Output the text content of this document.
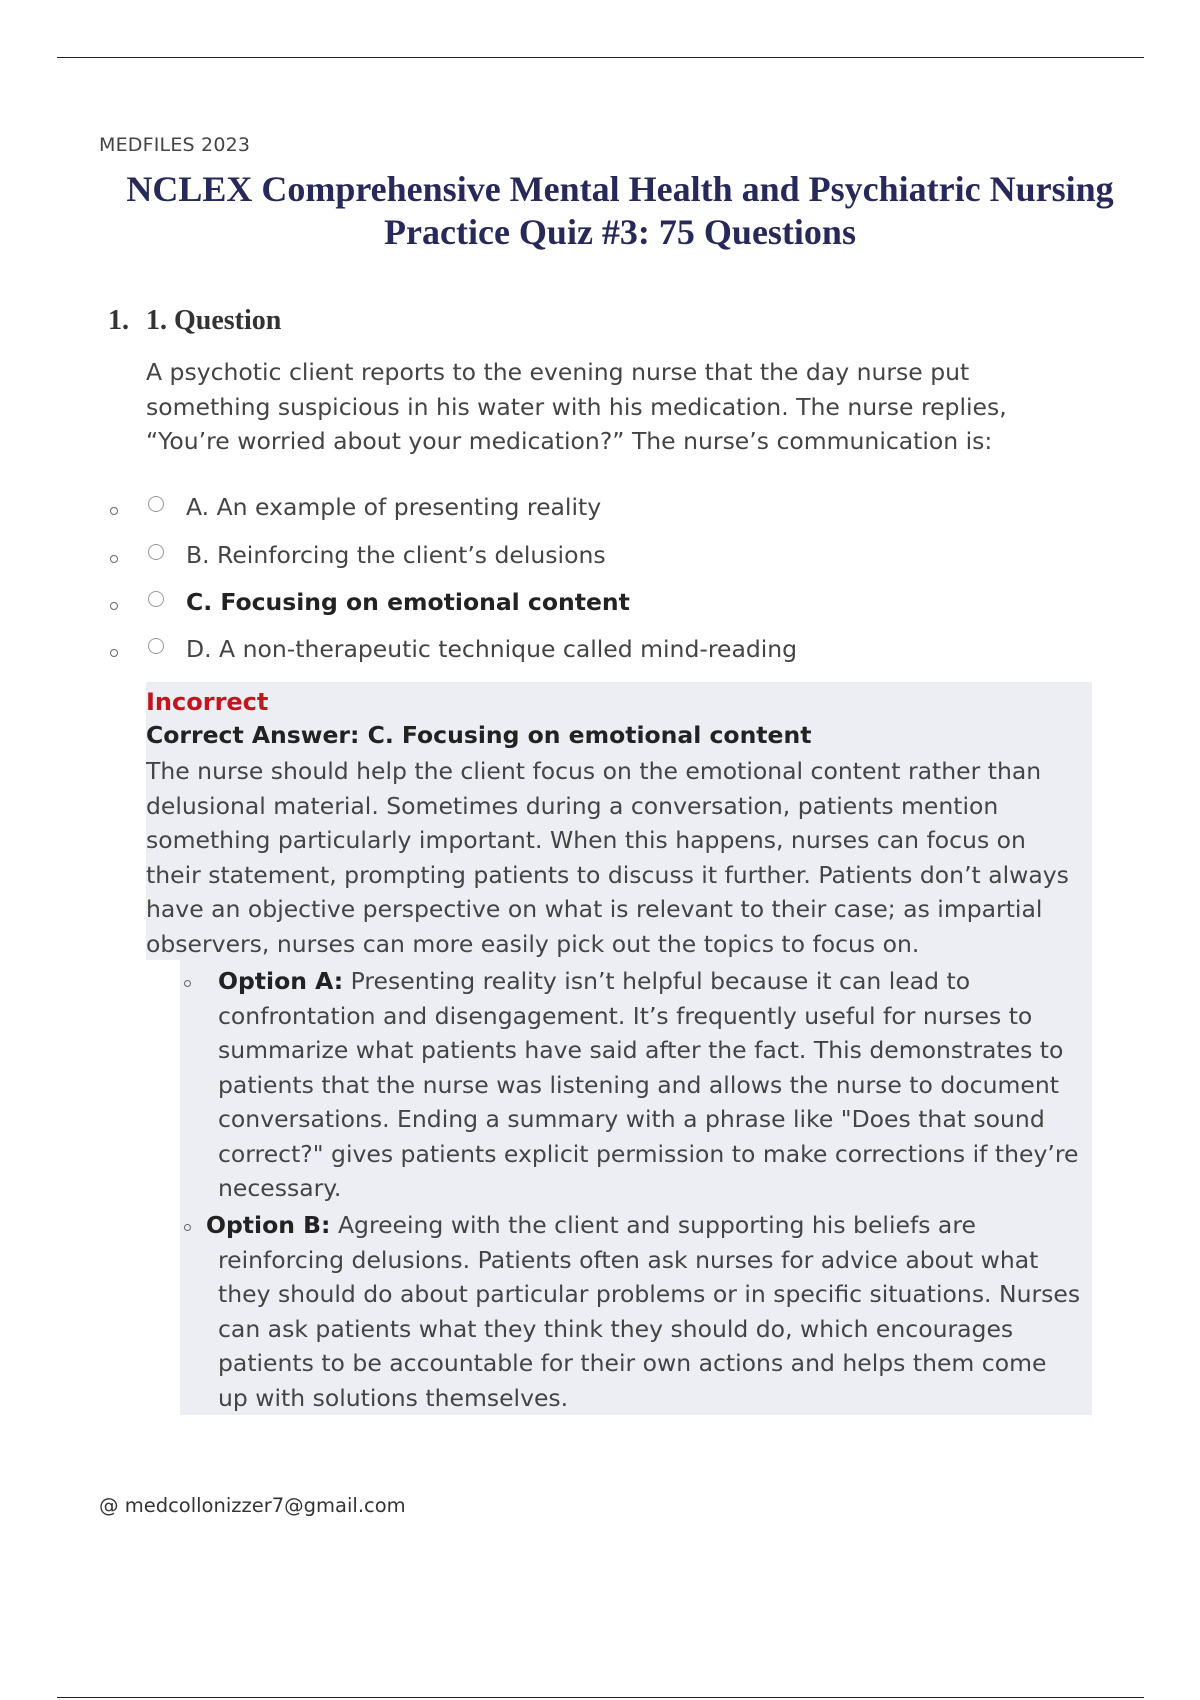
MEDFILES 2023
NCLEX Comprehensive Mental Health and Psychiatric Nursing Practice Quiz #3: 75 Questions
1. 1. Question
A psychotic client reports to the evening nurse that the day nurse put something suspicious in his water with his medication. The nurse replies, “You’re worried about your medication?” The nurse’s communication is:
A. An example of presenting reality
B. Reinforcing the client’s delusions
C. Focusing on emotional content
D. A non-therapeutic technique called mind-reading
Incorrect
Correct Answer: C. Focusing on emotional content
The nurse should help the client focus on the emotional content rather than delusional material. Sometimes during a conversation, patients mention something particularly important. When this happens, nurses can focus on their statement, prompting patients to discuss it further. Patients don’t always have an objective perspective on what is relevant to their case; as impartial observers, nurses can more easily pick out the topics to focus on.
Option A: Presenting reality isn’t helpful because it can lead to confrontation and disengagement. It’s frequently useful for nurses to summarize what patients have said after the fact. This demonstrates to patients that the nurse was listening and allows the nurse to document conversations. Ending a summary with a phrase like "Does that sound correct?" gives patients explicit permission to make corrections if they’re necessary.
Option B: Agreeing with the client and supporting his beliefs are reinforcing delusions. Patients often ask nurses for advice about what they should do about particular problems or in specific situations. Nurses can ask patients what they think they should do, which encourages patients to be accountable for their own actions and helps them come up with solutions themselves.
@ medcollonizzer7@gmail.com
